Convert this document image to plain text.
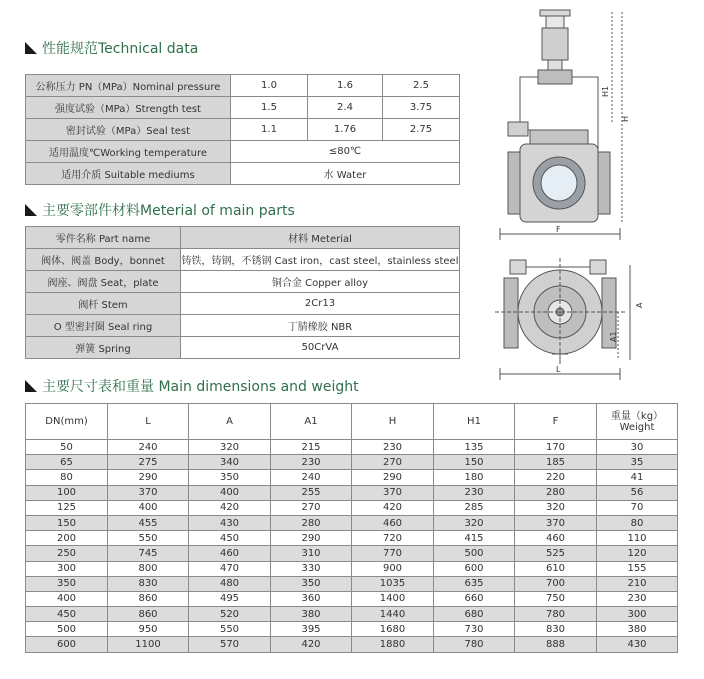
性能规范Technical data
公称压力 PN（MPa）Nominal pressure	1.0	1.6	2.5
强度试验（MPa）Strength test	1.5	2.4	3.75
密封试验（MPa）Seal test	1.1	1.76	2.75
适用温度℃Working temperature	≤80℃		
适用介质 Suitable mediums	水 Water		
主要零部件材料Meterial of main parts
零件名称 Part name	材料 Meterial
阀体、阀盖 Body，bonnet	铸铁，铸钢，不锈钢 Cast iron，cast steel，stainless steel
阀座、阀盘 Seat，plate	铜合金 Copper alloy
阀杆 Stem	2Cr13
O 型密封圈 Seal ring	丁腈橡胶 NBR
弹簧 Spring	50CrVA
主要尺寸表和重量 Main dimensions and weight
DN(mm)	L	A	A1	H	H1	F	重量（kg）
Weight

50	240	320	215	230	135	170	30
65	275	340	230	270	150	185	35
80	290	350	240	290	180	220	41
100	370	400	255	370	230	280	56
125	400	420	270	420	285	320	70
150	455	430	280	460	320	370	80
200	550	450	290	720	415	460	110
250	745	460	310	770	500	525	120
300	800	470	330	900	600	610	155
350	830	480	350	1035	635	700	210
400	860	495	360	1400	660	750	230
450	860	520	380	1440	680	780	300
500	950	550	395	1680	730	830	380
600	1100	570	420	1880	780	888	430
H1
H
F
A
A1
L
